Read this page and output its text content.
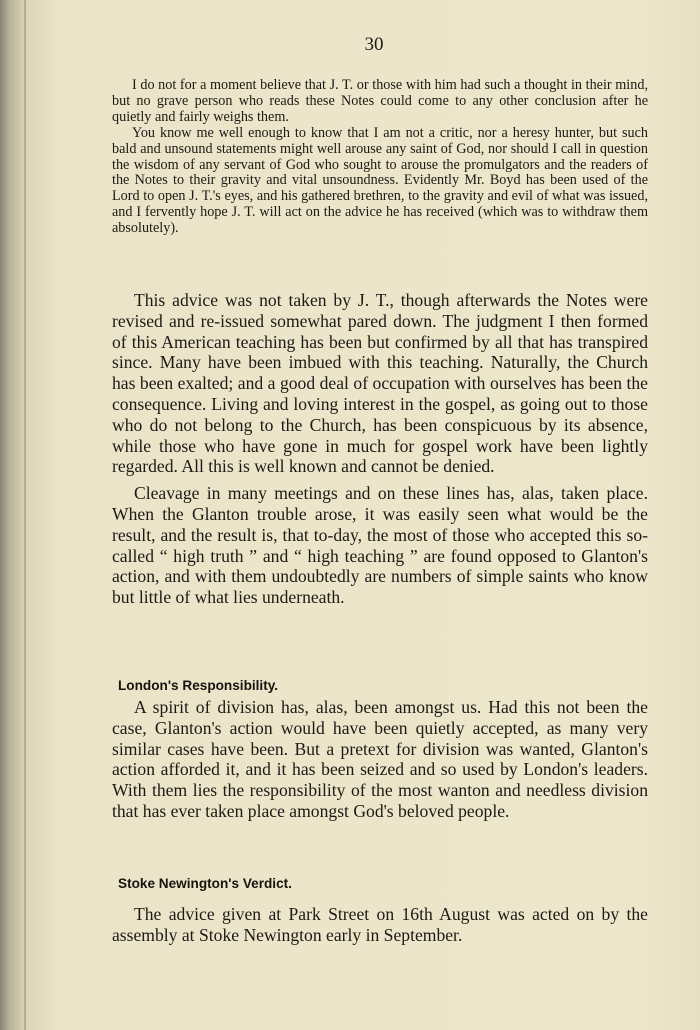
30

I do not for a moment believe that J. T. or those with him had such a thought in their mind, but no grave person who reads these Notes could come to any other conclusion after he quietly and fairly weighs them.

You know me well enough to know that I am not a critic, nor a heresy hunter, but such bald and unsound statements might well arouse any saint of God, nor should I call in question the wisdom of any servant of God who sought to arouse the promulgators and the readers of the Notes to their gravity and vital unsoundness. Evidently Mr. Boyd has been used of the Lord to open J. T.'s eyes, and his gathered brethren, to the gravity and evil of what was issued, and I fervently hope J. T. will act on the advice he has received (which was to withdraw them absolutely).

This advice was not taken by J. T., though afterwards the Notes were revised and re-issued somewhat pared down. The judgment I then formed of this American teaching has been but confirmed by all that has transpired since. Many have been imbued with this teaching. Naturally, the Church has been exalted; and a good deal of occupation with ourselves has been the consequence. Living and loving interest in the gospel, as going out to those who do not belong to the Church, has been conspicuous by its absence, while those who have gone in much for gospel work have been lightly regarded. All this is well known and cannot be denied.

Cleavage in many meetings and on these lines has, alas, taken place. When the Glanton trouble arose, it was easily seen what would be the result, and the result is, that to-day, the most of those who accepted this so-called “ high truth ” and “ high teaching ” are found opposed to Glanton's action, and with them undoubtedly are numbers of simple saints who know but little of what lies underneath.

London's Responsibility.

A spirit of division has, alas, been amongst us. Had this not been the case, Glanton's action would have been quietly accepted, as many very similar cases have been. But a pretext for division was wanted, Glanton's action afforded it, and it has been seized and so used by London's leaders. With them lies the responsibility of the most wanton and needless division that has ever taken place amongst God's beloved people.

Stoke Newington's Verdict.

The advice given at Park Street on 16th August was acted on by the assembly at Stoke Newington early in September.
